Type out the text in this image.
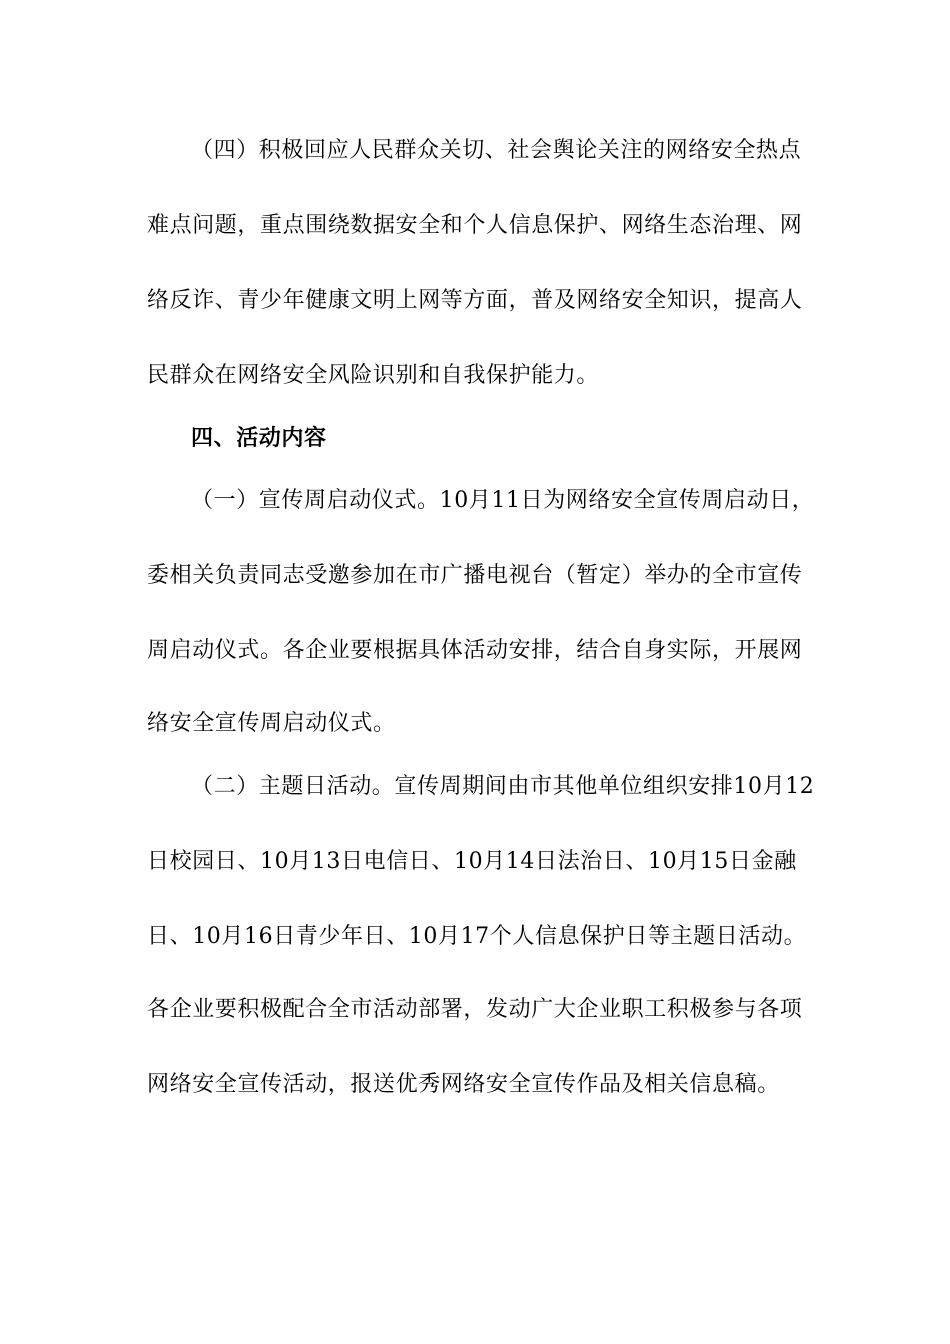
（四）积极回应人民群众关切、社会舆论关注的网络安全热点
难点问题，重点围绕数据安全和个人信息保护、网络生态治理、网
络反诈、青少年健康文明上网等方面，普及网络安全知识，提高人
民群众在网络安全风险识别和自我保护能力。
四、活动内容
（一）宣传周启动仪式。10月11日为网络安全宣传周启动日，
委相关负责同志受邀参加在市广播电视台（暂定）举办的全市宣传
周启动仪式。各企业要根据具体活动安排，结合自身实际，开展网
络安全宣传周启动仪式。
（二）主题日活动。宣传周期间由市其他单位组织安排10月12
日校园日、10月13日电信日、10月14日法治日、10月15日金融
日、10月16日青少年日、10月17个人信息保护日等主题日活动。
各企业要积极配合全市活动部署，发动广大企业职工积极参与各项
网络安全宣传活动，报送优秀网络安全宣传作品及相关信息稿。
